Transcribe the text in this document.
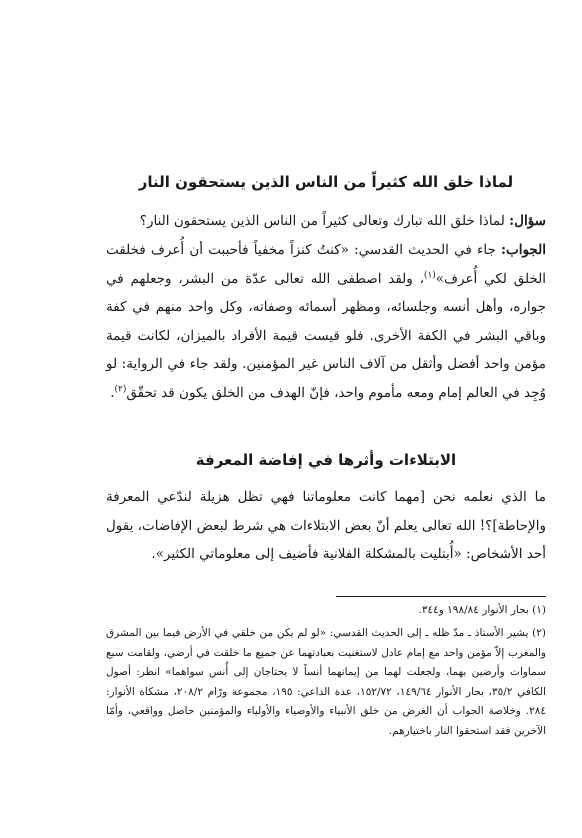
لماذا خلق الله كثيراً من الناس الذين يستحقون النار

سؤال: لماذا خلق الله تبارك وتعالى كثيراً من الناس الذين يستحقون النار؟

الجواب: جاء في الحديث القدسي: «كنتُ كنزاً مخفياً فأحببت أن أُعرف فخلقت الخلق لكي أُعرف»$^{(١)}$، ولقد اصطفى الله تعالى عدّة من البشر، وجعلهم في جواره، وأهل أنسه وجلسائه، ومظهر أسمائه وصفاته، وكل واحد منهم في كفة وباقي البشر في الكفة الأخرى. فلو قيست قيمة الأفراد بالميزان، لكانت قيمة مؤمن واحد أفضل وأثقل من آلاف الناس غير المؤمنين. ولقد جاء في الرواية: لو وُجِد في العالم إمام ومعه مأموم واحد، فإنّ الهدف من الخلق يكون قد تحقّق$^{(٢)}$.

الابتلاءات وأثرها في إفاضة المعرفة

ما الذي نعلمه نحن [مهما كانت معلوماتنا فهي تظل هزيلة لندّعي المعرفة والإحاطة]؟! الله تعالى يعلم أنّ بعض الابتلاءات هي شرط لبعض الإفاضات، يقول أحد الأشخاص: «أُبتليت بالمشكلة الفلانية فأضيف إلى معلوماتي الكثير».

(١) بحار الأنوار ١٩٨/٨٤ و٣٤٤.

(٢) يشير الأستاذ ـ مدّ ظله ـ إلى الحديث القدسي: «لو لم يكن من خلقي في الأرض فيما بين المشرق والمغرب إلاّ مؤمن واحد مع إمام عادل لاستغنيت بعبادتهما عن جميع ما خلقت في أرضي، ولقامت سبع سماوات وأرضين بهما، ولجعلت لهما من إيمانهما أنساً لا يحتاجان إلى أُنس سواهما» انظر: أصول الكافي ٣٥/٢، بحار الأنوار ١٤٩/٦٤، ١٥٢/٧٢، عدة الداعي: ١٩٥، مجموعة ورّام ٢٠٨/٢، مشكاة الأنوار: ٢٨٤. وخلاصة الجواب أن الغرض من خلق الأنبياء والأوصياء والأولياء والمؤمنين حاصل وواقعي، وأمّا الآخرين فقد استحقوا النار باختيارهم.
